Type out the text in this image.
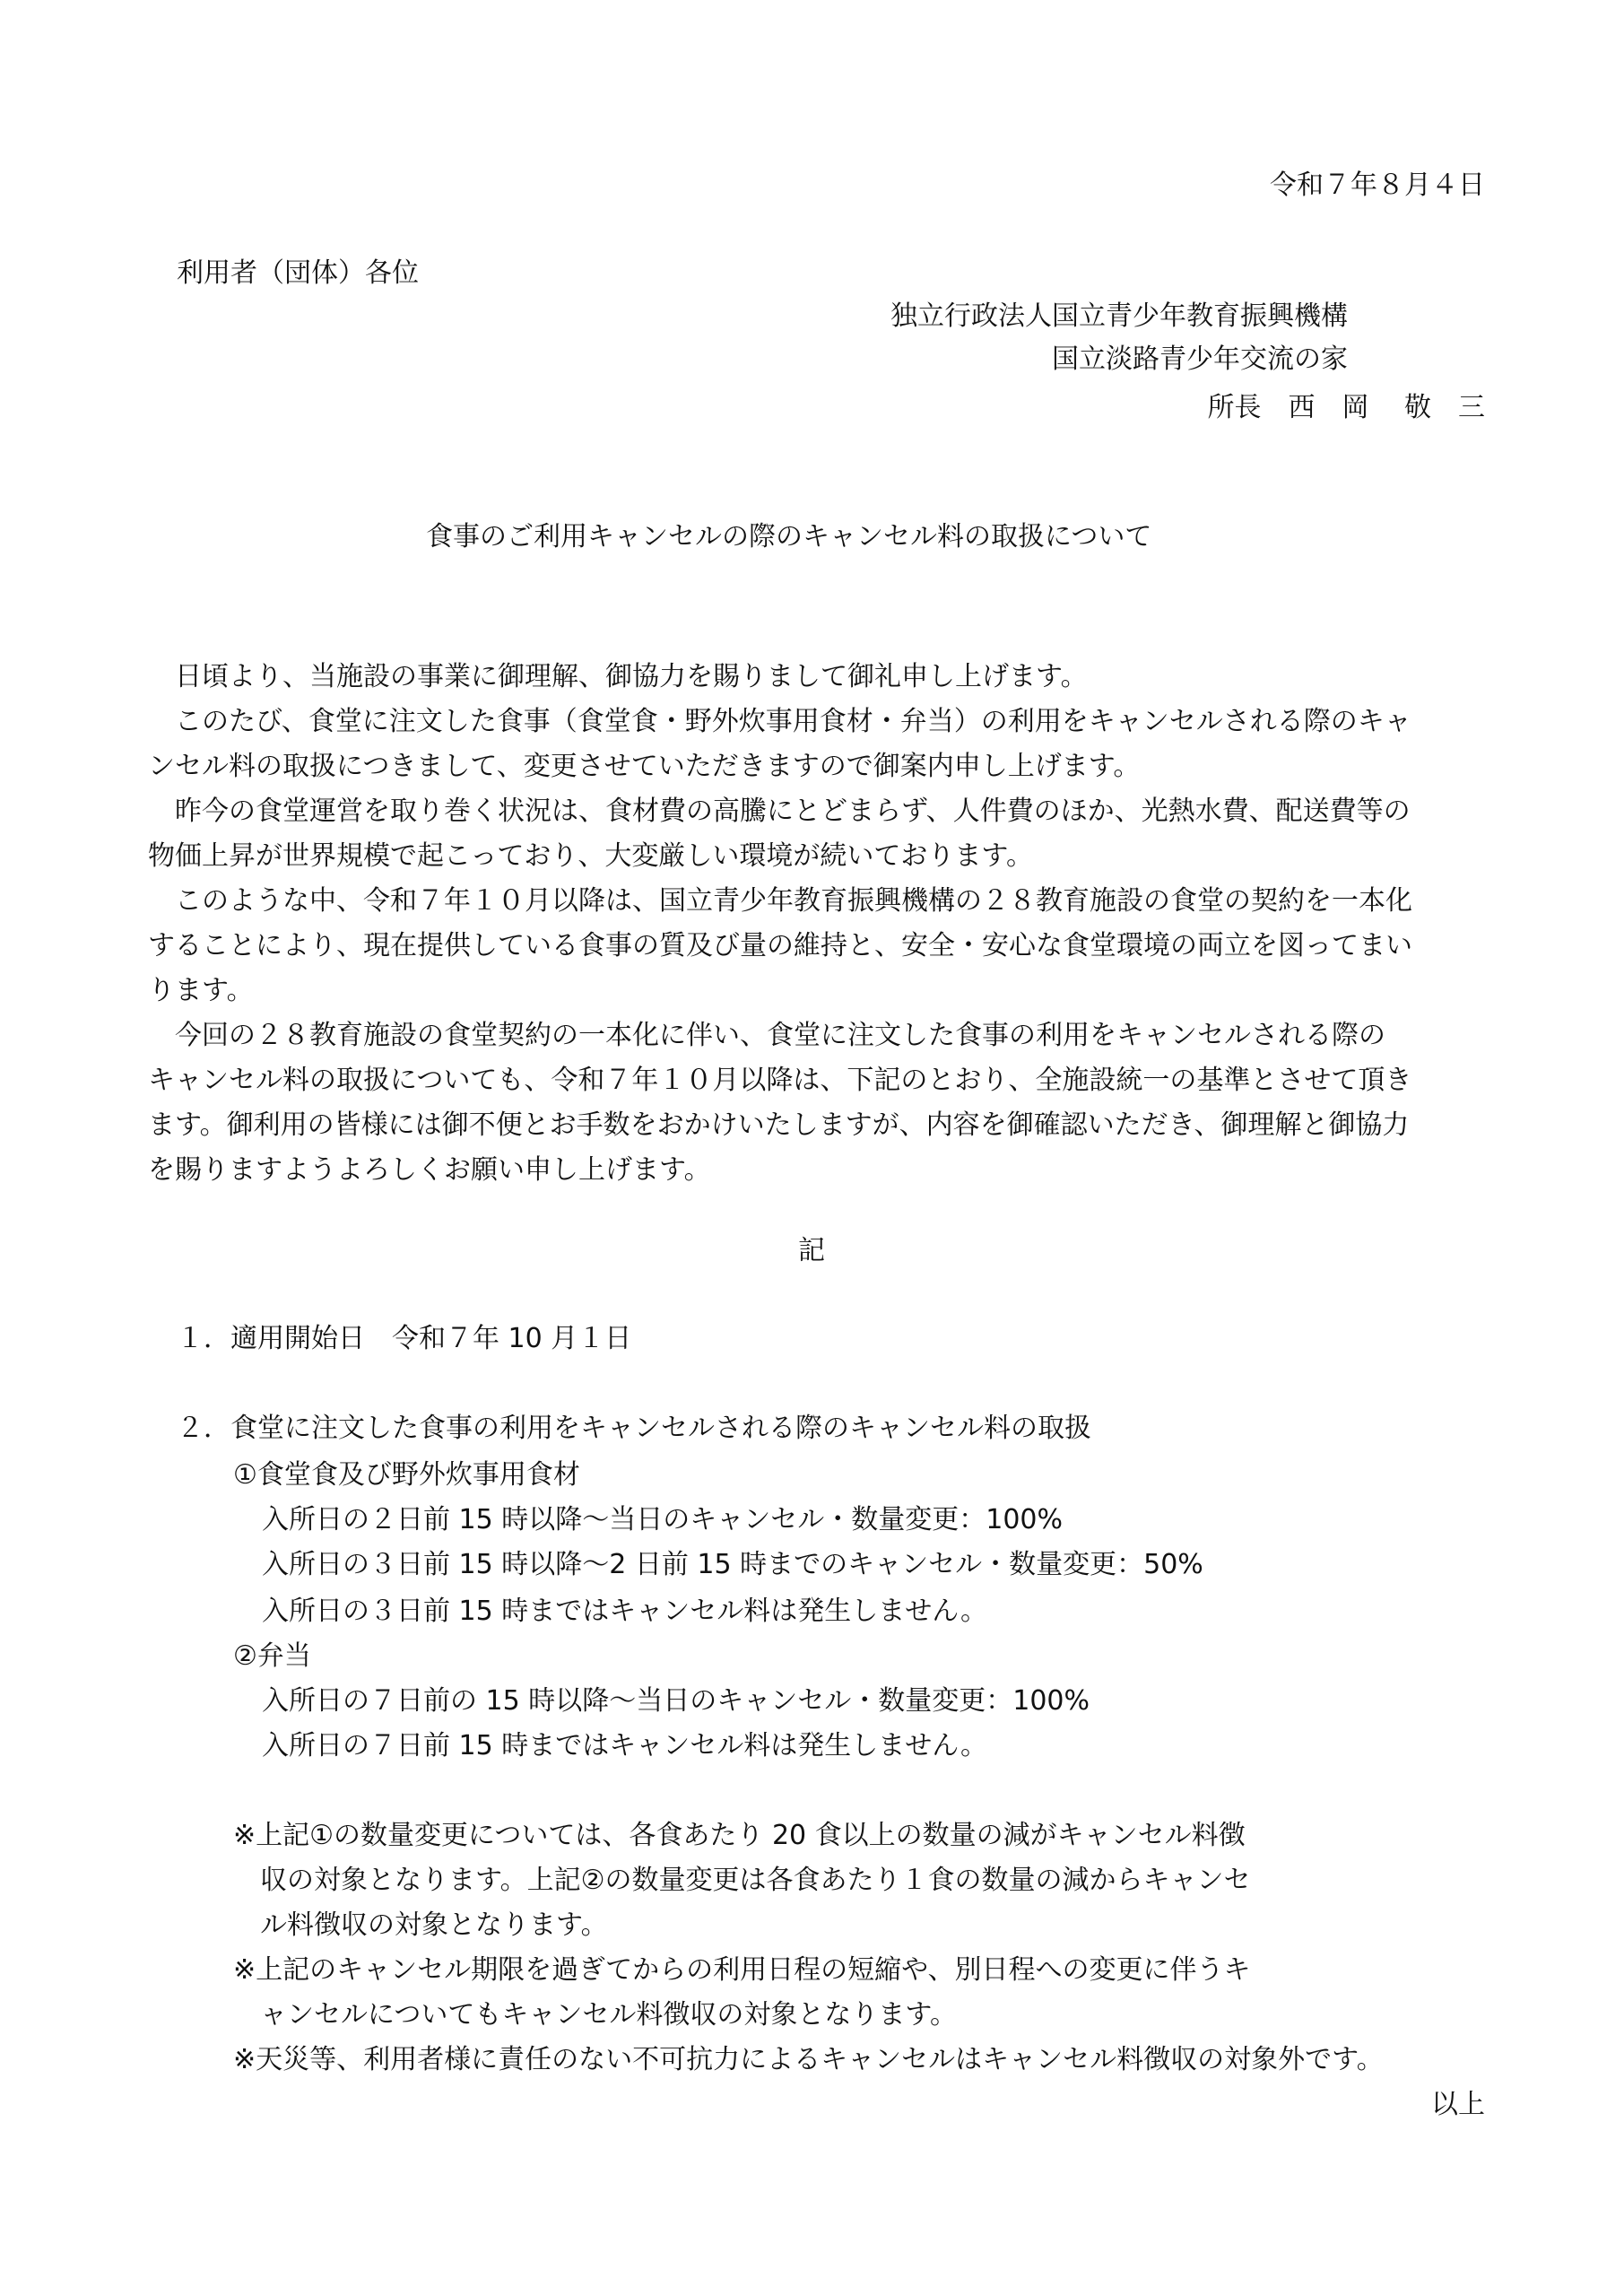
令和７年８月４日
利用者（団体）各位
独立行政法人国立青少年教育振興機構
国立淡路青少年交流の家
所長　西　岡　 敬　三
食事のご利用キャンセルの際のキャンセル料の取扱について
　日頃より、当施設の事業に御理解、御協力を賜りまして御礼申し上げます。
　このたび、食堂に注文した食事（食堂食・野外炊事用食材・弁当）の利用をキャンセルされる際のキャ
ンセル料の取扱につきまして、変更させていただきますので御案内申し上げます。
　昨今の食堂運営を取り巻く状況は、食材費の高騰にとどまらず、人件費のほか、光熱水費、配送費等の
物価上昇が世界規模で起こっており、大変厳しい環境が続いております。
　このような中、令和７年１０月以降は、国立青少年教育振興機構の２８教育施設の食堂の契約を一本化
することにより、現在提供している食事の質及び量の維持と、安全・安心な食堂環境の両立を図ってまい
ります。
　今回の２８教育施設の食堂契約の一本化に伴い、食堂に注文した食事の利用をキャンセルされる際の
キャンセル料の取扱についても、令和７年１０月以降は、下記のとおり、全施設統一の基準とさせて頂き
ます。御利用の皆様には御不便とお手数をおかけいたしますが、内容を御確認いただき、御理解と御協力
を賜りますようよろしくお願い申し上げます。
記
１．適用開始日　令和７年 10 月１日
２．食堂に注文した食事の利用をキャンセルされる際のキャンセル料の取扱
①食堂食及び野外炊事用食材
入所日の２日前 15 時以降～当日のキャンセル・数量変更：100%
入所日の３日前 15 時以降～2 日前 15 時までのキャンセル・数量変更：50%
入所日の３日前 15 時まではキャンセル料は発生しません。
②弁当
入所日の７日前の 15 時以降～当日のキャンセル・数量変更：100%
入所日の７日前 15 時まではキャンセル料は発生しません。
※上記①の数量変更については、各食あたり 20 食以上の数量の減がキャンセル料徴
　収の対象となります。上記②の数量変更は各食あたり１食の数量の減からキャンセ
　ル料徴収の対象となります。
※上記のキャンセル期限を過ぎてからの利用日程の短縮や、別日程への変更に伴うキ
　ャンセルについてもキャンセル料徴収の対象となります。
※天災等、利用者様に責任のない不可抗力によるキャンセルはキャンセル料徴収の対象外です。
以上
